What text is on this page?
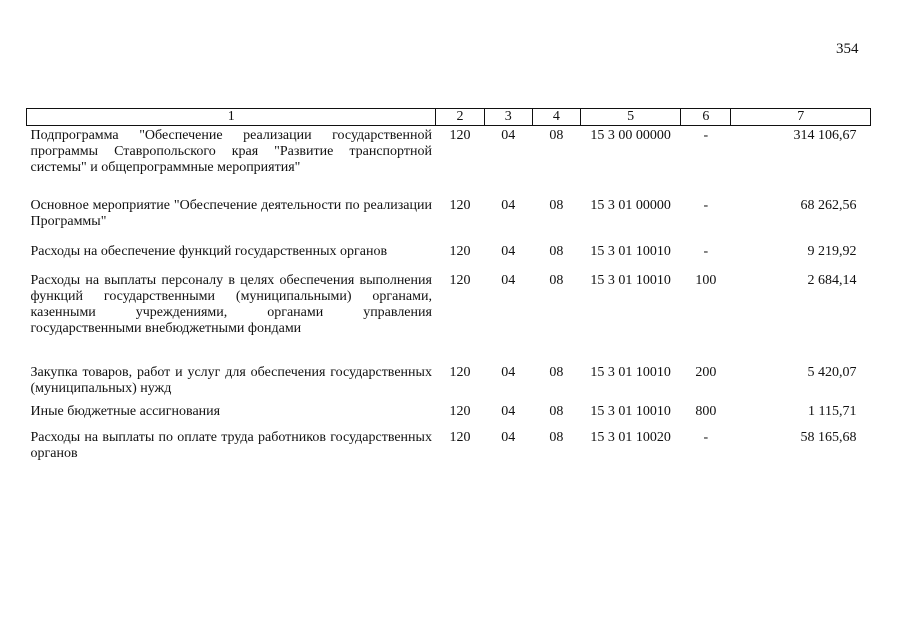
354
1	2	3	4	5	6	7
Подпрограмма "Обеспечение реализации государственной программы Ставропольского края "Развитие транспортной системы" и общепрограммные мероприятия"	120	04	08	15 3 00 00000	-	314 106,67
Основное мероприятие "Обеспечение деятельности по реализации Программы"	120	04	08	15 3 01 00000	-	68 262,56
Расходы на обеспечение функций государственных органов	120	04	08	15 3 01 10010	-	9 219,92
Расходы на выплаты персоналу в целях обеспечения выполнения функций государственными (муниципальными) органами, казенными учреждениями, органами управления государственными внебюджетными фондами	120	04	08	15 3 01 10010	100	2 684,14
Закупка товаров, работ и услуг для обеспечения государственных (муниципальных) нужд	120	04	08	15 3 01 10010	200	5 420,07
Иные бюджетные ассигнования	120	04	08	15 3 01 10010	800	1 115,71
Расходы на выплаты по оплате труда работников государственных органов	120	04	08	15 3 01 10020	-	58 165,68
